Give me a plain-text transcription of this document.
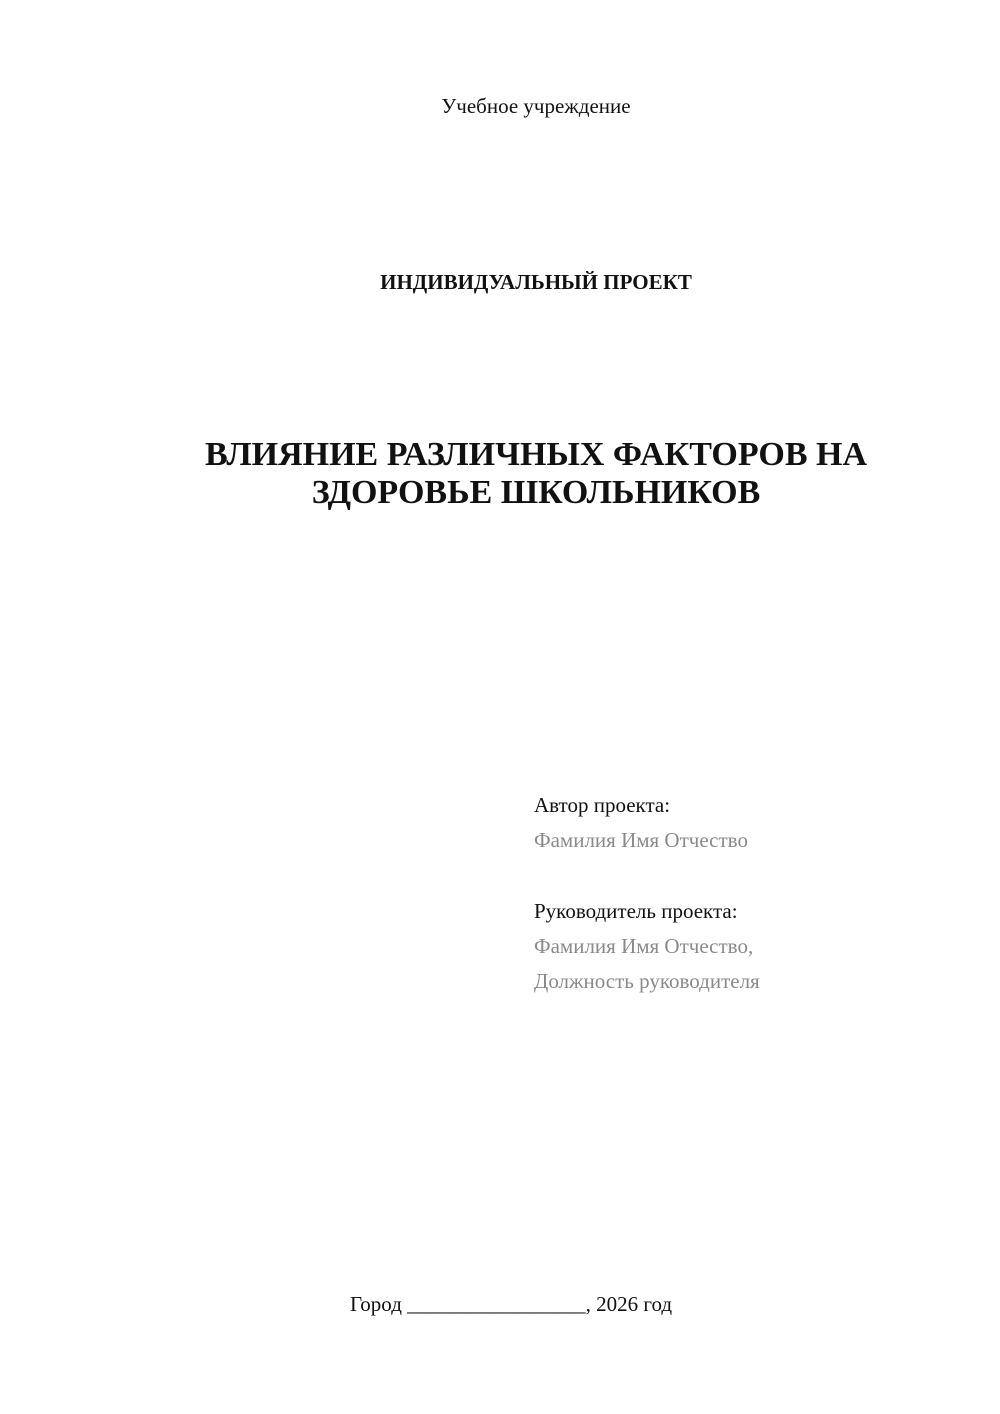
Учебное учреждение
ИНДИВИДУАЛЬНЫЙ ПРОЕКТ
ВЛИЯНИЕ РАЗЛИЧНЫХ ФАКТОРОВ НА
ЗДОРОВЬЕ ШКОЛЬНИКОВ
Автор проекта:
Фамилия Имя Отчество
Руководитель проекта:
Фамилия Имя Отчество,
Должность руководителя
Город _________________, 2026 год
